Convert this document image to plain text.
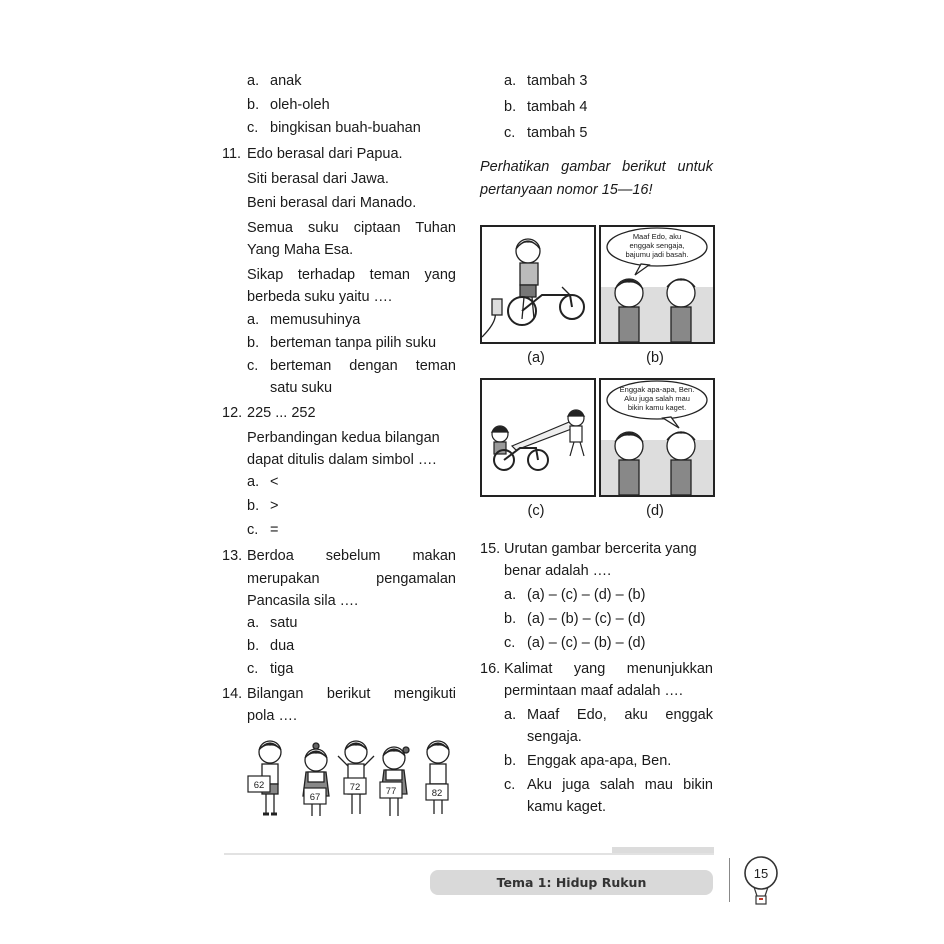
a. anak
b. oleh-oleh
c. bingkisan buah-buahan
11. Edo berasal dari Papua.
Siti berasal dari Jawa.
Beni berasal dari Manado.
Semua suku ciptaan Tuhan
Yang Maha Esa.
Sikap terhadap teman yang
berbeda suku yaitu ….
a. memusuhinya
b. berteman tanpa pilih suku
c. berteman dengan teman
satu suku
12. 225 ... 252
Perbandingan kedua bilangan
dapat ditulis dalam simbol ….
a. <
b. >
c. =
13. Berdoa sebelum makan
merupakan pengamalan
Pancasila sila ….
a. satu
b. dua
c. tiga
14. Bilangan berikut mengikuti
pola ….
62
67
72	77	82
a. tambah 3
b. tambah 4
c. tambah 5
Perhatikan gambar berikut untuk
pertanyaan nomor 15—16!
(a)
Maaf Edo, aku
enggak sengaja,
bajumu jadi basah.
(b)
(c)
Enggak apa-apa, Ben.
Aku juga salah mau
bikin kamu kaget.
(d)
15. Urutan gambar bercerita yang
benar adalah ….
a. (a) – (c) – (d) – (b)
b. (a) – (b) – (c) – (d)
c. (a) – (c) – (b) – (d)
16. Kalimat yang menunjukkan
permintaan maaf adalah ….
a. Maaf Edo, aku enggak
sengaja.
b. Enggak apa-apa, Ben.
c. Aku juga salah mau bikin
kamu kaget.
Tema 1: Hidup Rukun
15
